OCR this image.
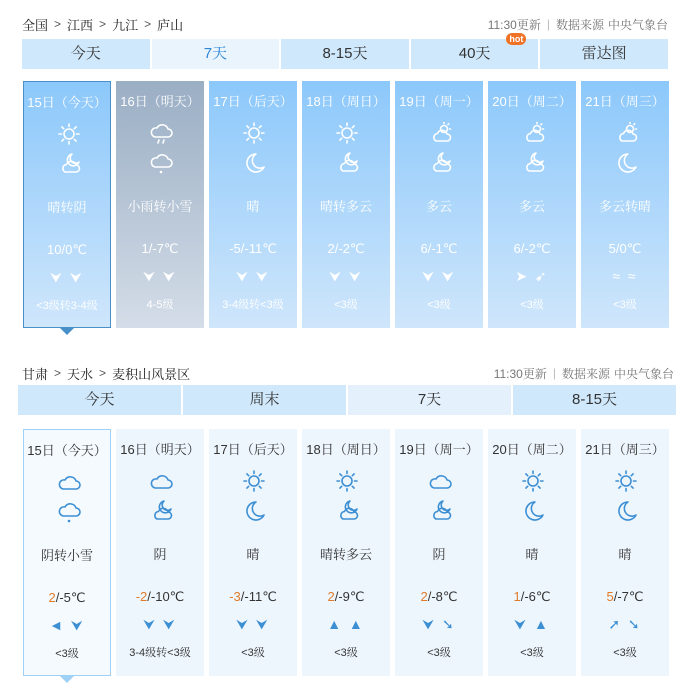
全国 > 江西 > 九江 > 庐山	11:30更新 | 数据来源 中央气象台
今天	7天	8-15天	40天
hot
雷达图
15日（今天）
晴转阴
10/0℃
⮟ ⮟
<3级转3-4级
16日（明天）
小雨转小雪
1/-7℃
⮟ ⮟
4-5级
17日（后天）
晴
-5/-11℃
⮟ ⮟
3-4级转<3级
18日（周日）
晴转多云
2/-2℃
⮟ ⮟
<3级
19日（周一）
多云
6/-1℃
⮟ ⮟
<3级
20日（周二）
多云
6/-2℃
➤ ➹
<3级
21日（周三）
多云转晴
5/0℃
≈ ≈
<3级
甘肃 > 天水 > 麦积山风景区	11:30更新 | 数据来源 中央气象台
今天	周末	7天	8-15天
15日（今天）
阴转小雪
2/-5℃
◄ ⮟
<3级
16日（明天）
阴
-2/-10℃
⮟ ⮟
3-4级转<3级
17日（后天）
晴
-3/-11℃
⮟ ⮟
<3级
18日（周日）
晴转多云
2/-9℃
▲ ▲
<3级
19日（周一）
阴
2/-8℃
⮟ ➘
<3级
20日（周二）
晴
1/-6℃
⮟ ▲
<3级
21日（周三）
晴
5/-7℃
➚ ➘
<3级
